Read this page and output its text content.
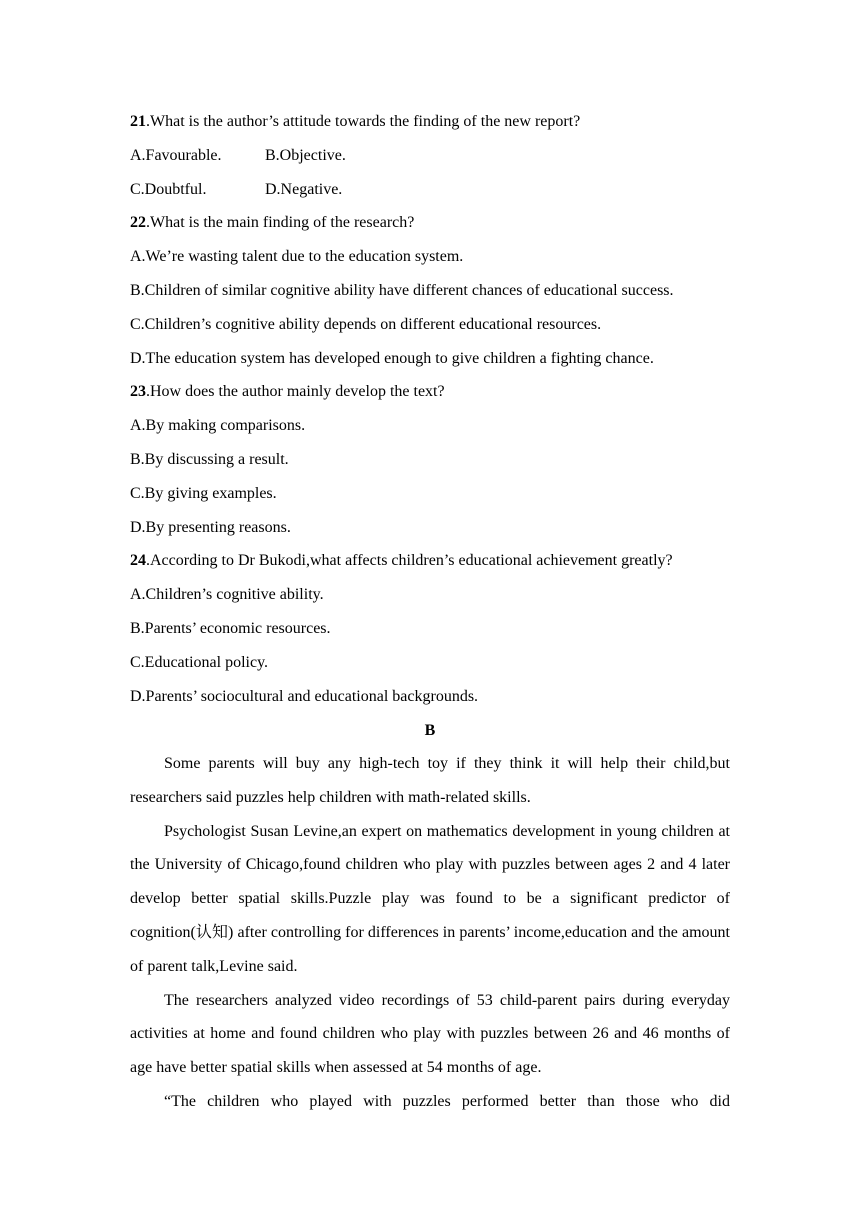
21.What is the author’s attitude towards the finding of the new report?
A.Favourable.	B.Objective.
C.Doubtful.	D.Negative.
22.What is the main finding of the research?
A.We’re wasting talent due to the education system.
B.Children of similar cognitive ability have different chances of educational success.
C.Children’s cognitive ability depends on different educational resources.
D.The education system has developed enough to give children a fighting chance.
23.How does the author mainly develop the text?
A.By making comparisons.
B.By discussing a result.
C.By giving examples.
D.By presenting reasons.
24.According to Dr Bukodi,what affects children’s educational achievement greatly?
A.Children’s cognitive ability.
B.Parents’ economic resources.
C.Educational policy.
D.Parents’ sociocultural and educational backgrounds.
B

Some parents will buy any high-tech toy if they think it will help their child,but researchers said puzzles help children with math-related skills.

Psychologist Susan Levine,an expert on mathematics development in young children at the University of Chicago,found children who play with puzzles between ages 2 and 4 later develop better spatial skills.Puzzle play was found to be a significant predictor of cognition(认知) after controlling for differences in parents’ income,education and the amount of parent talk,Levine said.

The researchers analyzed video recordings of 53 child-parent pairs during everyday activities at home and found children who play with puzzles between 26 and 46 months of age have better spatial skills when assessed at 54 months of age.

“The children who played with puzzles performed better than those who did
